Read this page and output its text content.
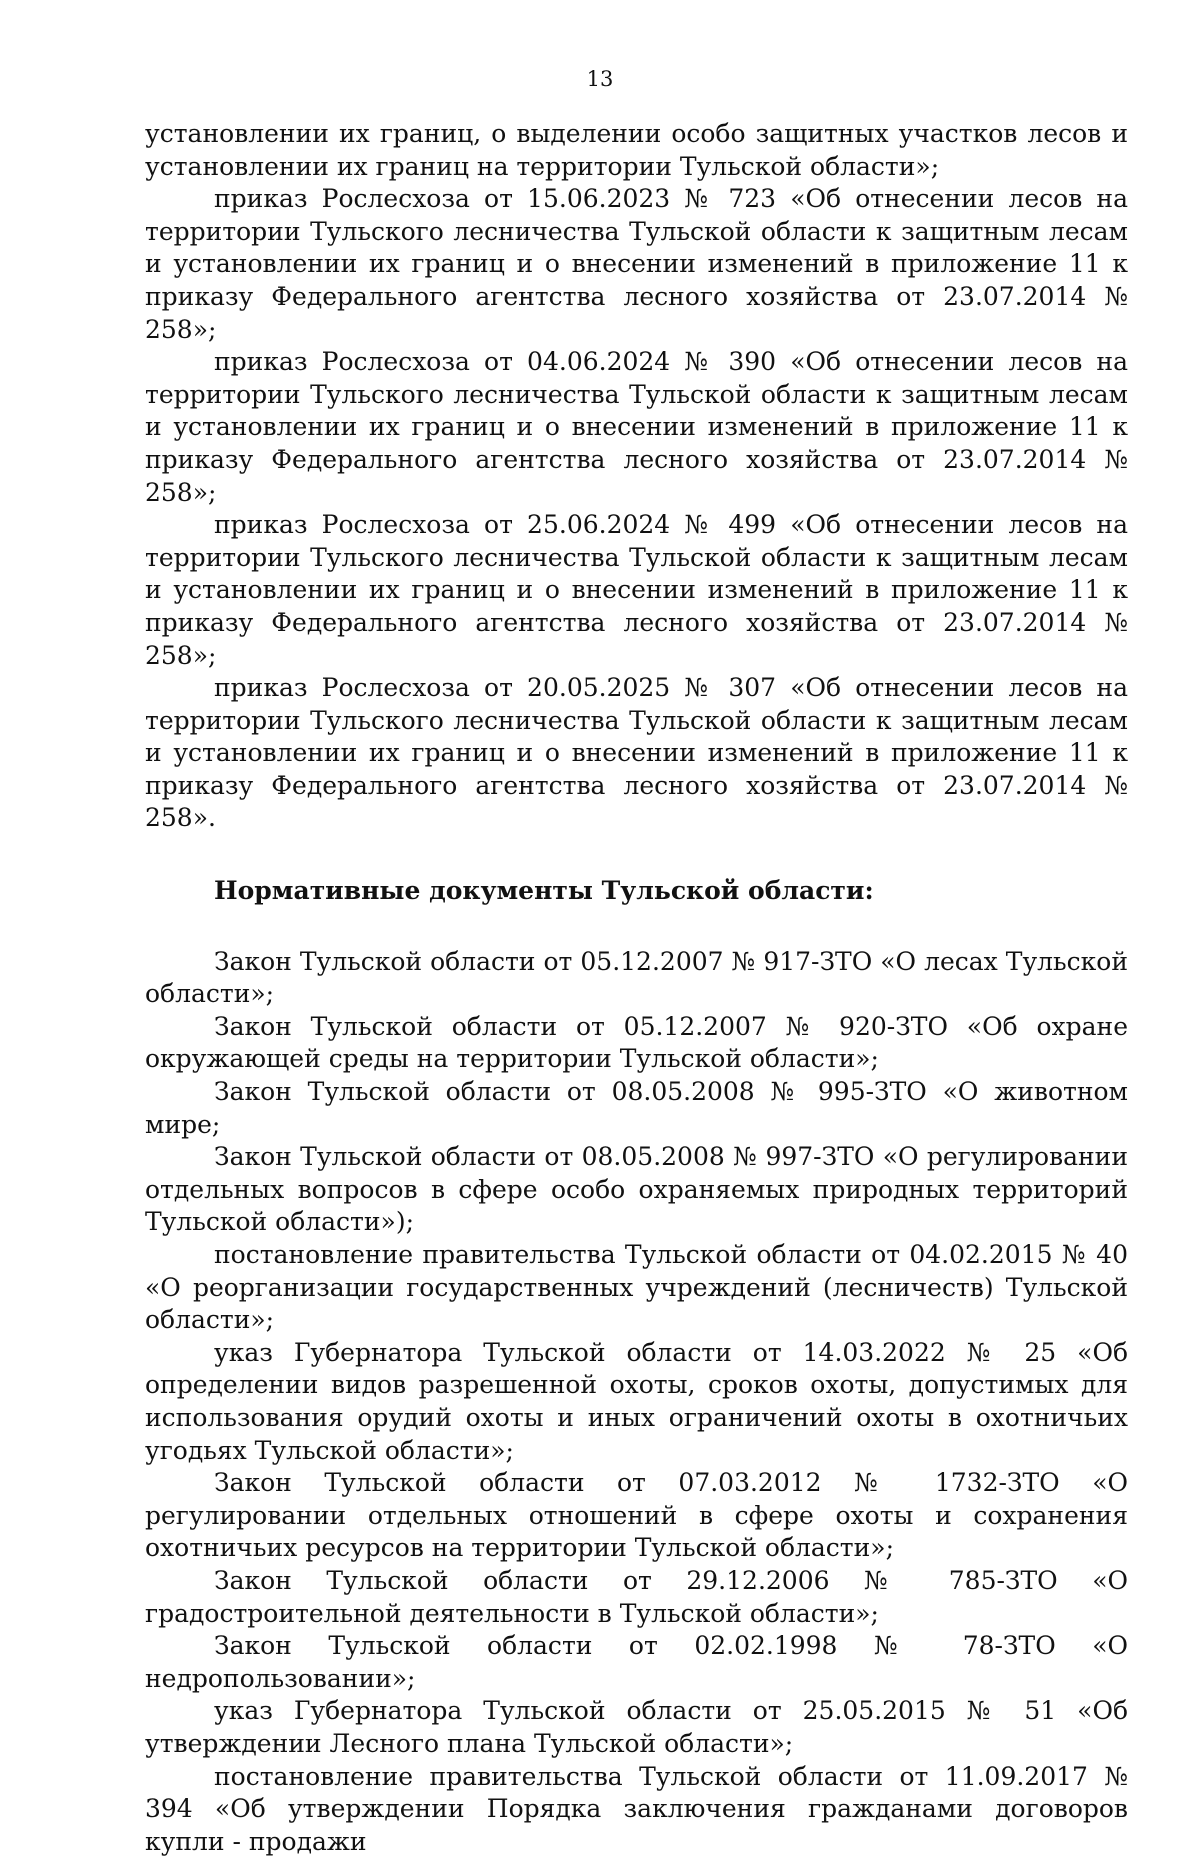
13

установлении их границ, о выделении особо защитных участков лесов и установлении их границ на территории Тульской области»;

приказ Рослесхоза от 15.06.2023 № 723 «Об отнесении лесов на территории Тульского лесничества Тульской области к защитным лесам и установлении их границ и о внесении изменений в приложение 11 к приказу Федерального агентства лесного хозяйства от 23.07.2014 № 258»;

приказ Рослесхоза от 04.06.2024 № 390 «Об отнесении лесов на территории Тульского лесничества Тульской области к защитным лесам и установлении их границ и о внесении изменений в приложение 11 к приказу Федерального агентства лесного хозяйства от 23.07.2014 № 258»;

приказ Рослесхоза от 25.06.2024 № 499 «Об отнесении лесов на территории Тульского лесничества Тульской области к защитным лесам и установлении их границ и о внесении изменений в приложение 11 к приказу Федерального агентства лесного хозяйства от 23.07.2014 № 258»;

приказ Рослесхоза от 20.05.2025 № 307 «Об отнесении лесов на территории Тульского лесничества Тульской области к защитным лесам и установлении их границ и о внесении изменений в приложение 11 к приказу Федерального агентства лесного хозяйства от 23.07.2014 № 258».

Нормативные документы Тульской области:

Закон Тульской области от 05.12.2007 № 917-ЗТО «О лесах Тульской области»;

Закон Тульской области от 05.12.2007 № 920-ЗТО «Об охране окружающей среды на территории Тульской области»;

Закон Тульской области от 08.05.2008 № 995-ЗТО «О животном мире;

Закон Тульской области от 08.05.2008 № 997-ЗТО «О регулировании отдельных вопросов в сфере особо охраняемых природных территорий Тульской области»);

постановление правительства Тульской области от 04.02.2015 № 40 «О реорганизации государственных учреждений (лесничеств) Тульской области»;

указ Губернатора Тульской области от 14.03.2022 № 25 «Об определении видов разрешенной охоты, сроков охоты, допустимых для использования орудий охоты и иных ограничений охоты в охотничьих угодьях Тульской области»;

Закон Тульской области от 07.03.2012 № 1732-ЗТО «О регулировании отдельных отношений в сфере охоты и сохранения охотничьих ресурсов на территории Тульской области»;

Закон Тульской области от 29.12.2006 № 785-ЗТО «О градостроительной деятельности в Тульской области»;

Закон Тульской области от 02.02.1998 № 78-ЗТО «О недропользовании»;

указ Губернатора Тульской области от 25.05.2015 № 51 «Об утверждении Лесного плана Тульской области»;

постановление правительства Тульской области от 11.09.2017 № 394 «Об утверждении Порядка заключения гражданами договоров купли - продажи
